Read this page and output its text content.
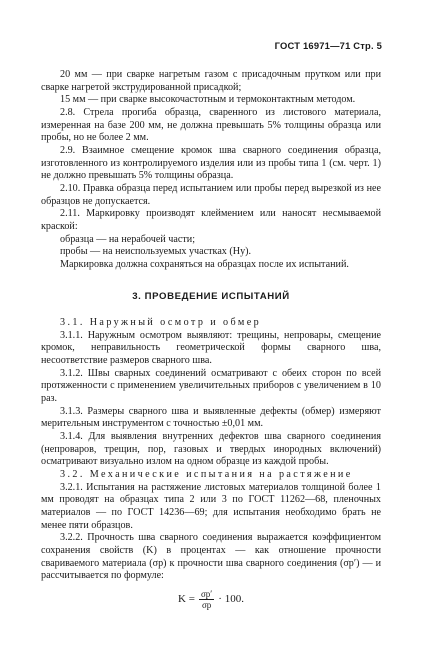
ГОСТ 16971—71 Стр. 5

20 мм — при сварке нагретым газом с присадочным прутком или при сварке нагретой экструдированной присадкой;

15 мм — при сварке высокочастотным и термоконтактным методом.

2.8. Стрела прогиба образца, сваренного из листового материала, измеренная на базе 200 мм, не должна превышать 5% толщины образца или пробы, но не более 2 мм.

2.9. Взаимное смещение кромок шва сварного соединения образца, изготовленного из контролируемого изделия или из пробы типа 1 (см. черт. 1) не должно превышать 5% толщины образца.

2.10. Правка образца перед испытанием или пробы перед вырезкой из нее образцов не допускается.

2.11. Маркировку производят клеймением или наносят несмываемой краской:

образца — на нерабочей части;

пробы — на неиспользуемых участках (Hy).

Маркировка должна сохраняться на образцах после их испытаний.

3. ПРОВЕДЕНИЕ ИСПЫТАНИЙ

3.1. Наружный осмотр и обмер

3.1.1. Наружным осмотром выявляют: трещины, непровары, смещение кромок, неправильность геометрической формы сварного шва, несоответствие размеров сварного шва.

3.1.2. Швы сварных соединений осматривают с обеих сторон по всей протяженности с применением увеличительных приборов с увеличением в 10 раз.

3.1.3. Размеры сварного шва и выявленные дефекты (обмер) измеряют мерительным инструментом с точностью ±0,01 мм.

3.1.4. Для выявления внутренних дефектов шва сварного соединения (непроваров, трещин, пор, газовых и твердых инородных включений) осматривают визуально излом на одном образце из каждой пробы.

3.2. Механические испытания на растяжение

3.2.1. Испытания на растяжение листовых материалов толщиной более 1 мм проводят на образцах типа 2 или 3 по ГОСТ 11262—68, пленочных материалов — по ГОСТ 14236—69; для испытания необходимо брать не менее пяти образцов.

3.2.2. Прочность шва сварного соединения выражается коэффициентом сохранения свойств (K) в процентах — как отношение прочности свариваемого материала (σр) к прочности шва сварного соединения (σр′) — и рассчитывается по формуле:

$K = \frac{\sigma р'}{\sigma р} \cdot 100$.
